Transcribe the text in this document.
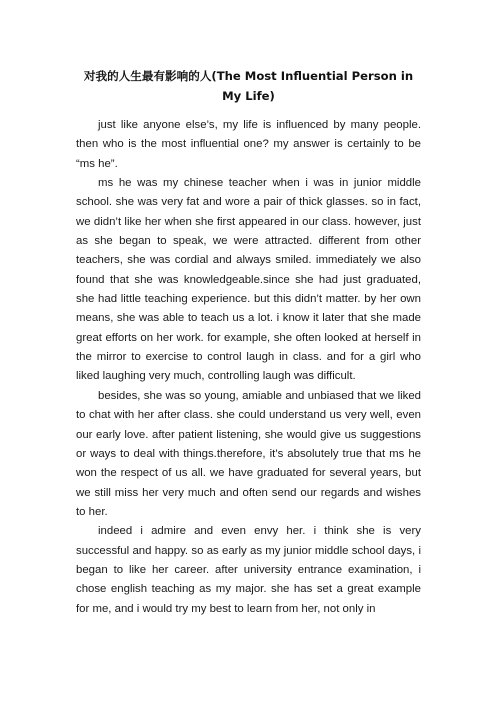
对我的人生最有影响的人(The Most Influential Person in My Life)

just like anyone else’s, my life is influenced by many people. then who is the most influential one? my answer is certainly to be “ms he”.

ms he was my chinese teacher when i was in junior middle school. she was very fat and wore a pair of thick glasses. so in fact, we didn’t like her when she first appeared in our class. however, just as she began to speak, we were attracted. different from other teachers, she was cordial and always smiled. immediately we also found that she was knowledgeable.since she had just graduated, she had little teaching experience. but this didn’t matter. by her own means, she was able to teach us a lot. i know it later that she made great efforts on her work. for example, she often looked at herself in the mirror to exercise to control laugh in class. and for a girl who liked laughing very much, controlling laugh was difficult.

besides, she was so young, amiable and unbiased that we liked to chat with her after class. she could understand us very well, even our early love. after patient listening, she would give us suggestions or ways to deal with things.therefore, it’s absolutely true that ms he won the respect of us all. we have graduated for several years, but we still miss her very much and often send our regards and wishes to her.

indeed i admire and even envy her. i think she is very successful and happy. so as early as my junior middle school days, i began to like her career. after university entrance examination, i chose english teaching as my major. she has set a great example for me, and i would try my best to learn from her, not only in
